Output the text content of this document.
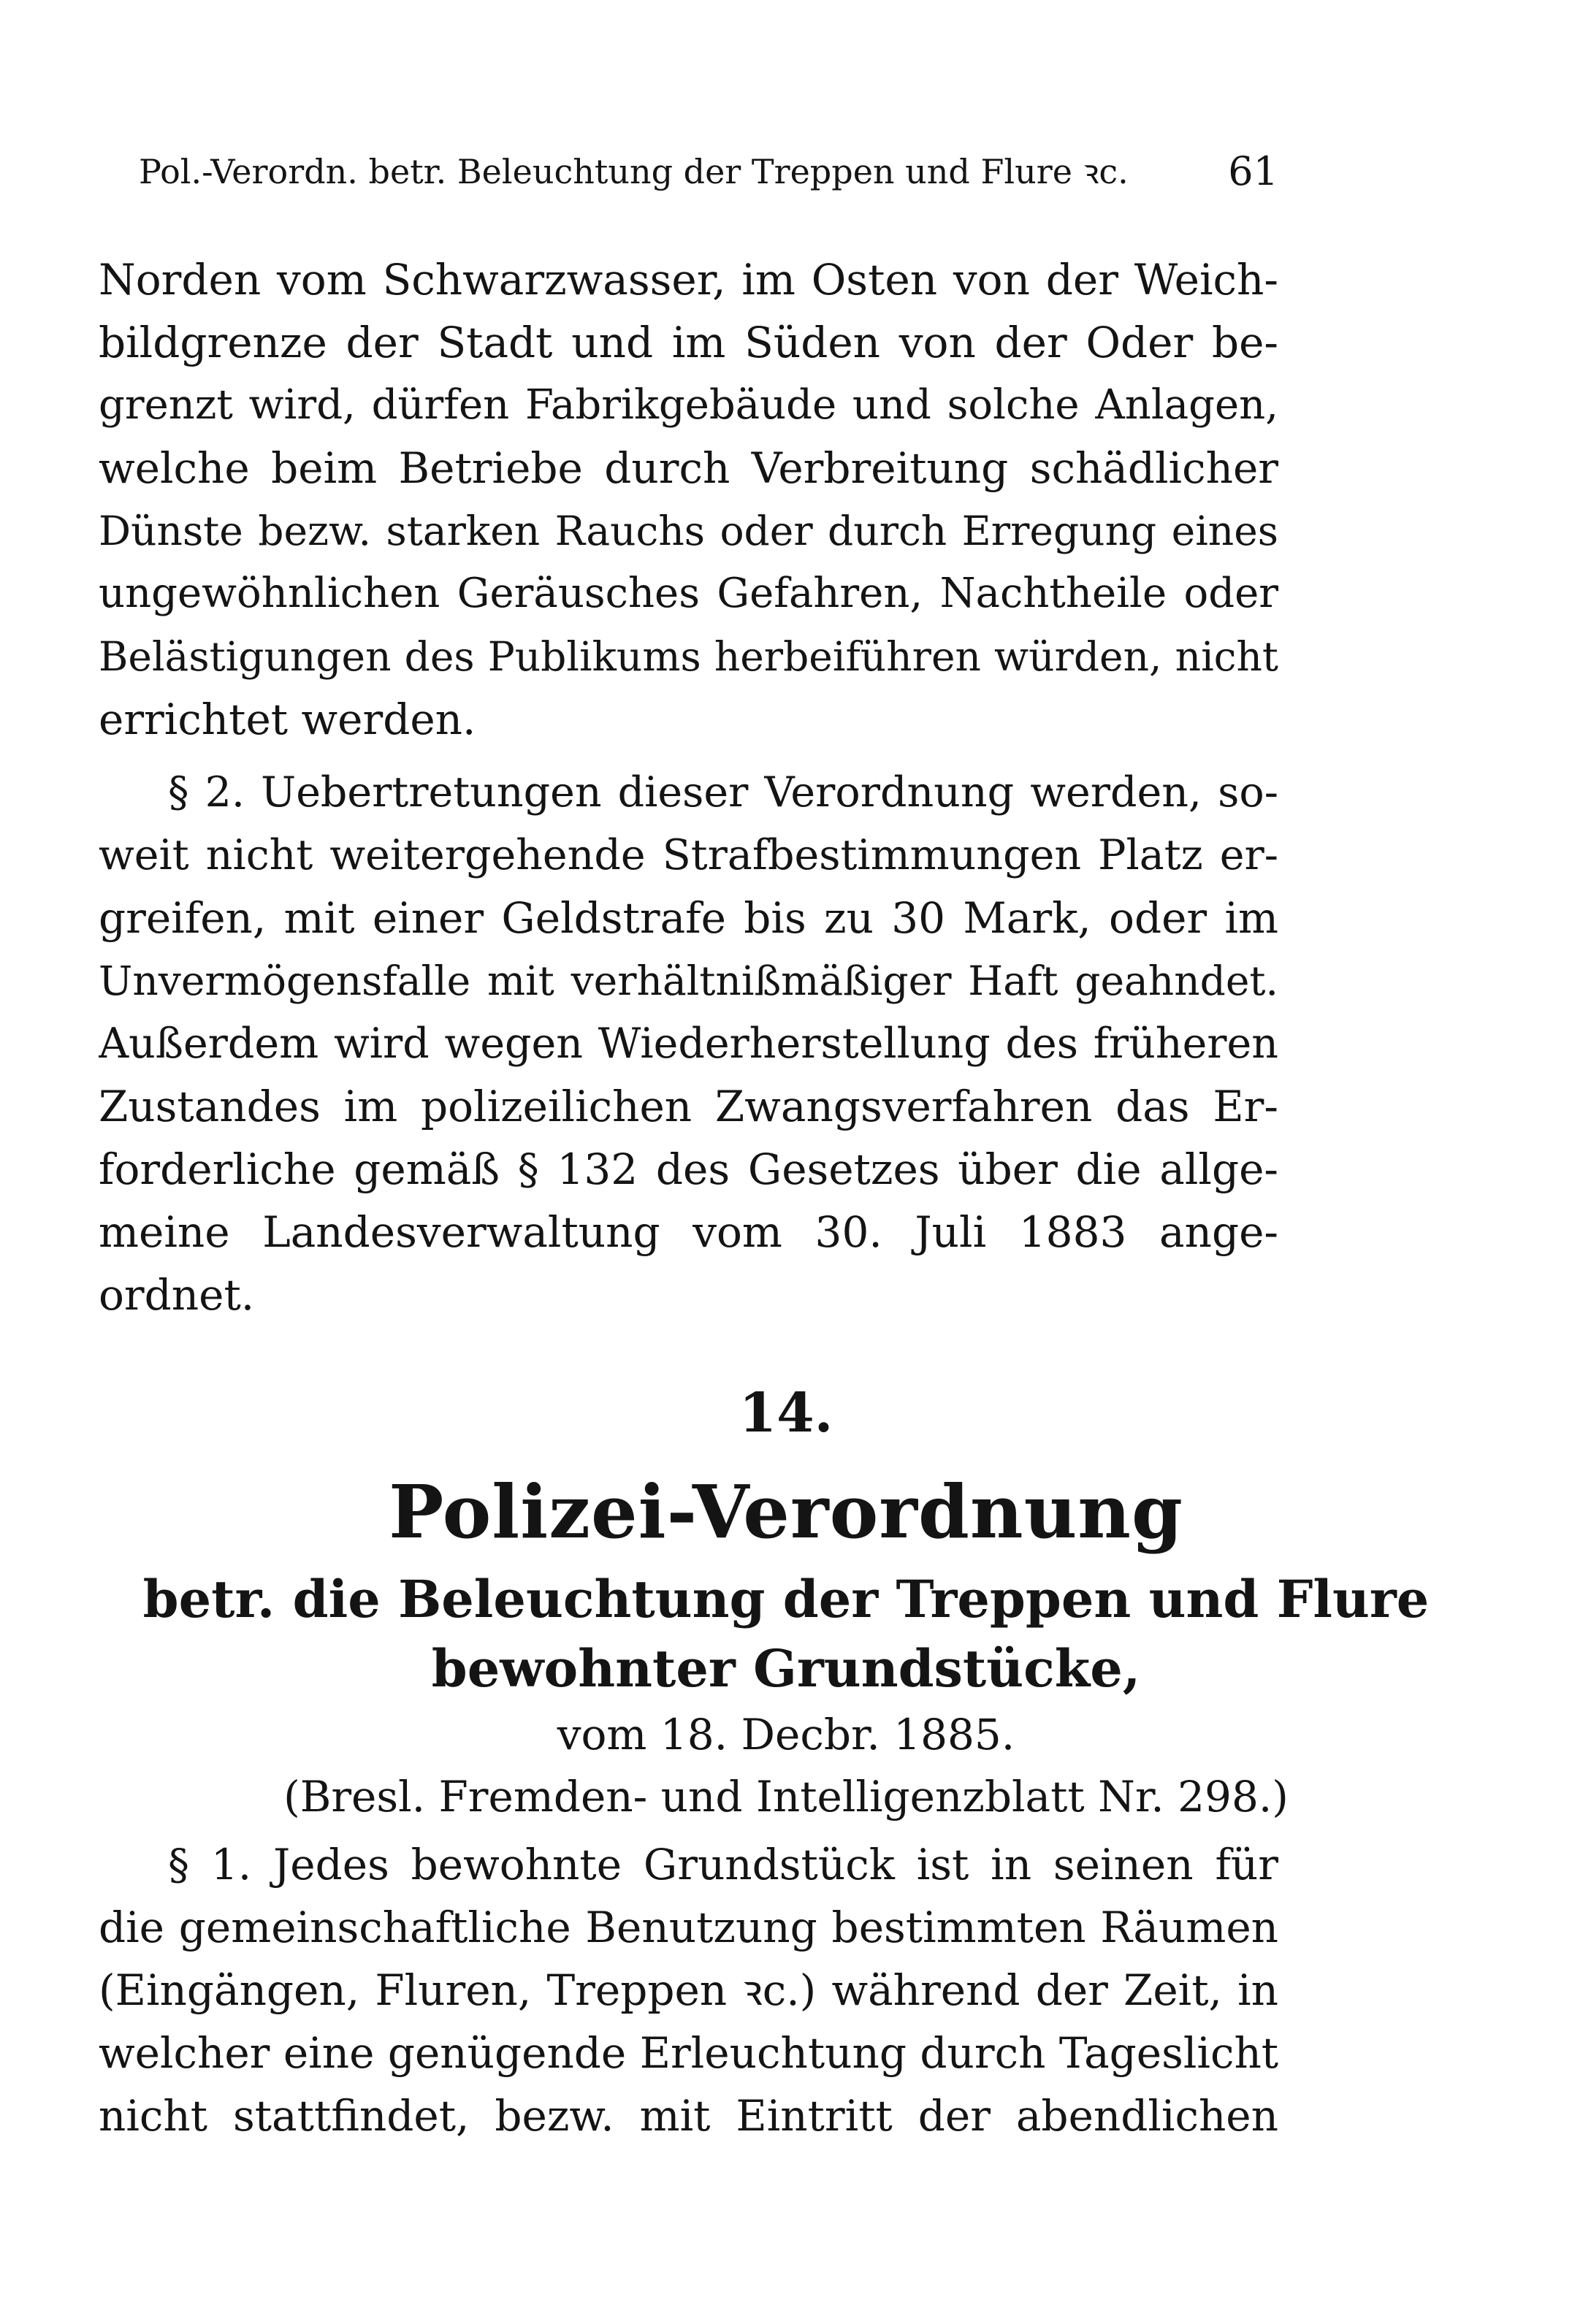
Pol.-Verordn. betr. Beleuchtung der Treppen und Flure ꝛc.	61
Norden vom Schwarzwasser, im Osten von der Weich-
bildgrenze der Stadt und im Süden von der Oder be-
grenzt wird, dürfen Fabrikgebäude und solche Anlagen,
welche beim Betriebe durch Verbreitung schädlicher
Dünste bezw. starken Rauchs oder durch Erregung eines
ungewöhnlichen Geräusches Gefahren, Nachtheile oder
Belästigungen des Publikums herbeiführen würden, nicht
errichtet werden.
§ 2. Uebertretungen dieser Verordnung werden, so-
weit nicht weitergehende Strafbestimmungen Platz er-
greifen, mit einer Geldstrafe bis zu 30 Mark, oder im
Unvermögensfalle mit verhältnißmäßiger Haft geahndet.
Außerdem wird wegen Wiederherstellung des früheren
Zustandes im polizeilichen Zwangsverfahren das Er-
forderliche gemäß § 132 des Gesetzes über die allge-
meine Landesverwaltung vom 30. Juli 1883 ange-
ordnet.
14.
Polizei-Verordnung
betr. die Beleuchtung der Treppen und Flure
bewohnter Grundstücke,
vom 18. Decbr. 1885.
(Bresl. Fremden- und Intelligenzblatt Nr. 298.)
§ 1. Jedes bewohnte Grundstück ist in seinen für
die gemeinschaftliche Benutzung bestimmten Räumen
(Eingängen, Fluren, Treppen ꝛc.) während der Zeit, in
welcher eine genügende Erleuchtung durch Tageslicht
nicht stattfindet, bezw. mit Eintritt der abendlichen
